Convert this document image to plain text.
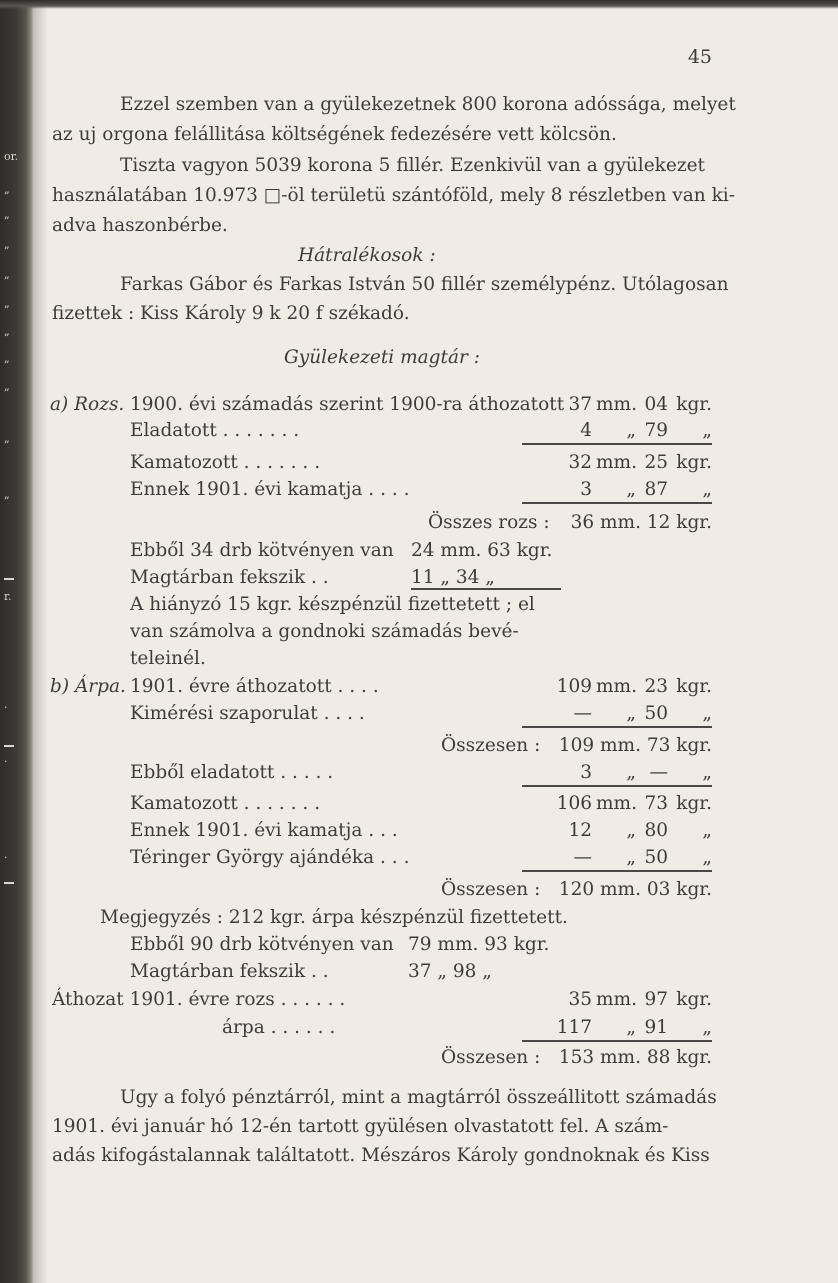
or.
„
„
„
„
„
„
„
„
„
r.
„
.
.
.
45
Ezzel szemben van a gyülekezetnek 800 korona adóssága, melyet
az uj orgona felállitása költségének fedezésére vett kölcsön.
Tiszta vagyon 5039 korona 5 fillér. Ezenkivül van a gyülekezet
használatában 10.973 □-öl területü szántóföld, mely 8 részletben van ki-
adva haszonbérbe.
Hátralékosok :
Farkas Gábor és Farkas István 50 fillér személypénz. Utólagosan
fizettek : Kiss Károly 9 k 20 f székadó.
Gyülekezeti magtár :
a) Rozs. 1900. évi számadás szerint 1900-ra áthozatott 37 mm. 04 kgr.
Eladatott . . . . . . .	4	„ 79	„
Kamatozott . . . . . . .	32 mm. 25 kgr.
Ennek 1901. évi kamatja . . . .	3	„ 87	„
Összes rozs :	36 mm. 12 kgr.
Ebből 34 drb kötvényen van 24 mm. 63 kgr.
Magtárban fekszik . .	11 „ 34 „
A hiányzó 15 kgr. készpénzül fizettetett ; el
van számolva a gondnoki számadás bevé-
teleinél.
b) Árpa. 1901. évre áthozatott . . . .	109 mm. 23 kgr.
Kimérési szaporulat . . . .	—	„ 50	„
Összesen : 109 mm. 73 kgr.
Ebből eladatott . . . . .	3	„ —	„
Kamatozott . . . . . . .	106 mm. 73 kgr.
Ennek 1901. évi kamatja . . .	12	„ 80	„
Téringer György ajándéka . . .	—	„ 50	„
Összesen : 120 mm. 03 kgr.
Megjegyzés : 212 kgr. árpa készpénzül fizettetett.
Ebből 90 drb kötvényen van 79 mm. 93 kgr.
Magtárban fekszik . .	37 „ 98 „
Áthozat 1901. évre rozs . . . . . .	35 mm. 97 kgr.
árpa . . . . . .	117	„ 91	„
Összesen : 153 mm. 88 kgr.
Ugy a folyó pénztárról, mint a magtárról összeállitott számadás
1901. évi január hó 12-én tartott gyülésen olvastatott fel. A szám-
adás kifogástalannak találtatott. Mészáros Károly gondnoknak és Kiss
